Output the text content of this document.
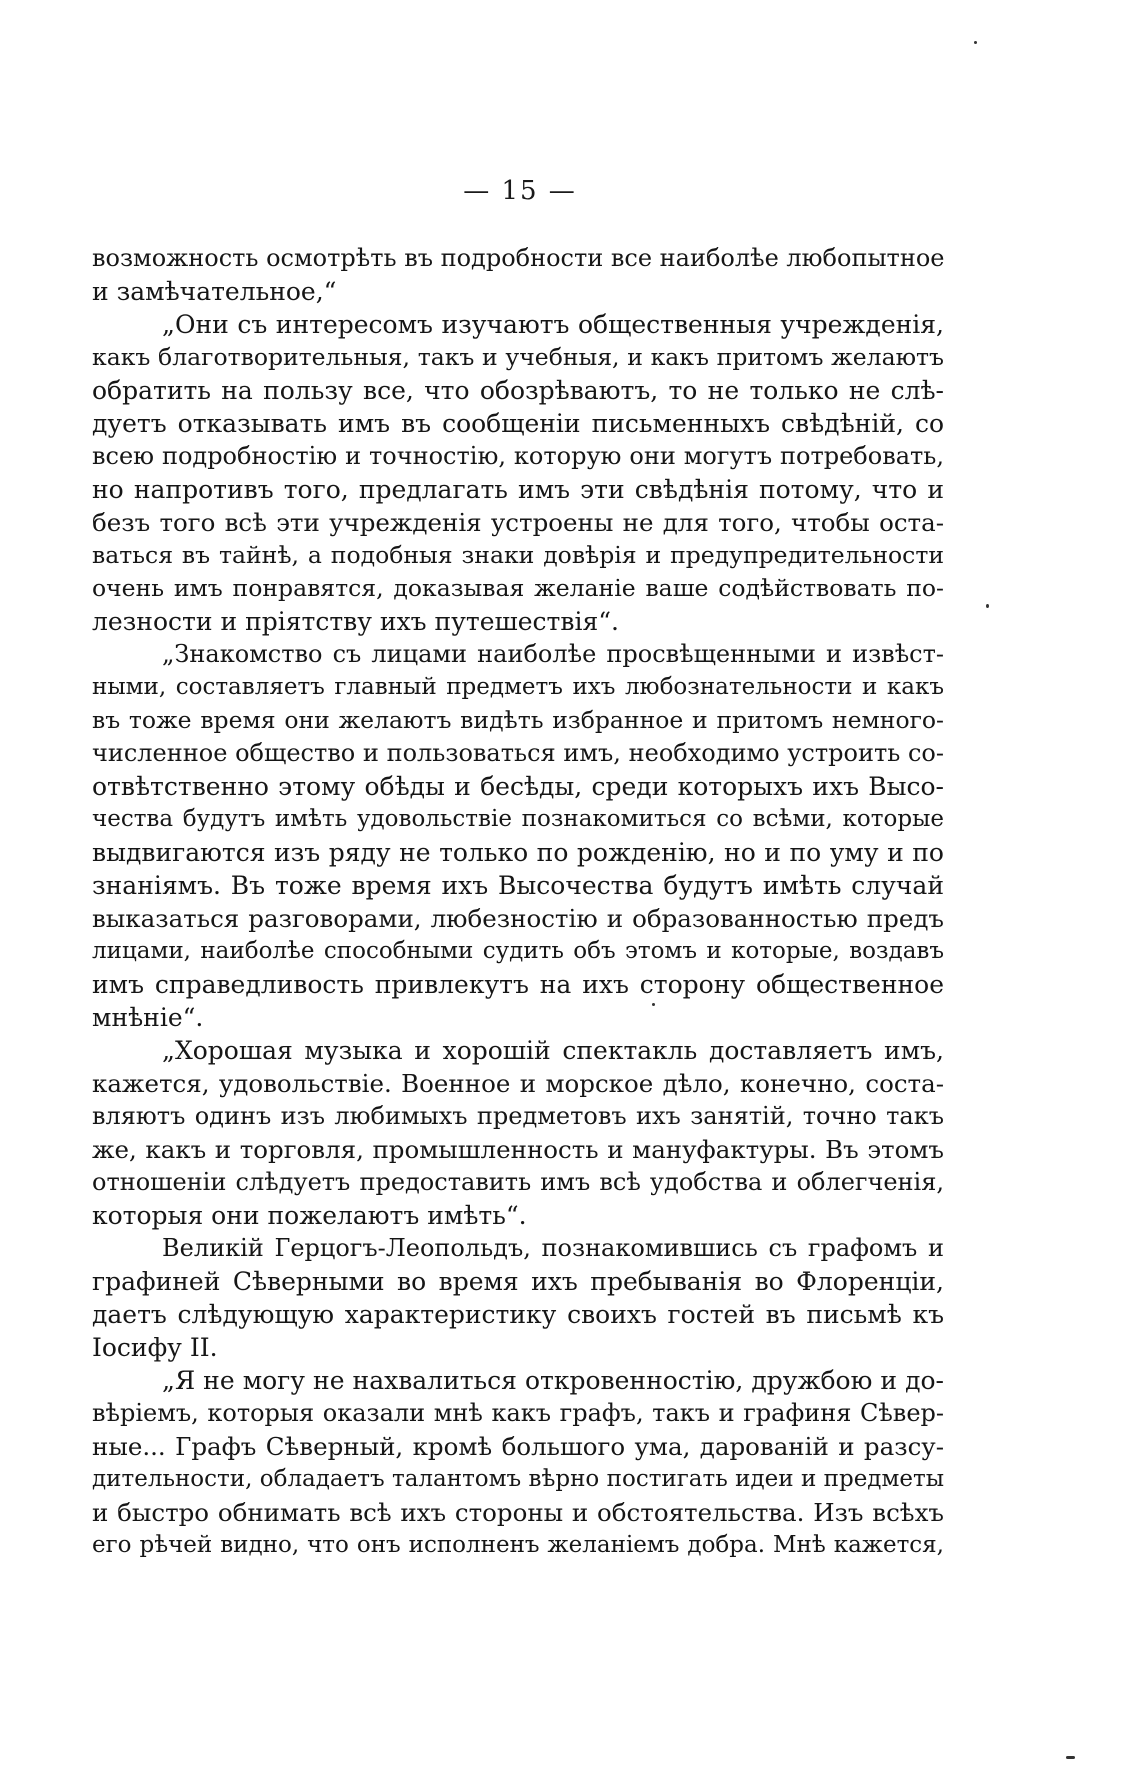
— 15 —
возможность осмотрѣть въ подробности все наиболѣе любопытное
и замѣчательное,“
„Они съ интересомъ изучаютъ общественныя учрежденія,
какъ благотворительныя, такъ и учебныя, и какъ притомъ желаютъ
обратить на пользу все, что обозрѣваютъ, то не только не слѣ-
дуетъ отказывать имъ въ сообщеніи письменныхъ свѣдѣній, со
всею подробностію и точностію, которую они могутъ потребовать,
но напротивъ того, предлагать имъ эти свѣдѣнія потому, что и
безъ того всѣ эти учрежденія устроены не для того, чтобы оста-
ваться въ тайнѣ, а подобныя знаки довѣрія и предупредительности
очень имъ понравятся, доказывая желаніе ваше содѣйствовать по-
лезности и пріятству ихъ путешествія“.
„Знакомство съ лицами наиболѣе просвѣщенными и извѣст-
ными, составляетъ главный предметъ ихъ любознательности и какъ
въ тоже время они желаютъ видѣть избранное и притомъ немного-
численное общество и пользоваться имъ, необходимо устроить со-
отвѣтственно этому обѣды и бесѣды, среди которыхъ ихъ Высо-
чества будутъ имѣть удовольствіе познакомиться со всѣми, которые
выдвигаются изъ ряду не только по рожденію, но и по уму и по
знаніямъ. Въ тоже время ихъ Высочества будутъ имѣть случай
выказаться разговорами, любезностію и образованностью предъ
лицами, наиболѣе способными судить объ этомъ и которые, воздавъ
имъ справедливость привлекутъ на ихъ сторону общественное
мнѣніе“.
„Хорошая музыка и хорошій спектакль доставляетъ имъ,
кажется, удовольствіе. Военное и морское дѣло, конечно, соста-
вляютъ одинъ изъ любимыхъ предметовъ ихъ занятій, точно такъ
же, какъ и торговля, промышленность и мануфактуры. Въ этомъ
отношеніи слѣдуетъ предоставить имъ всѣ удобства и облегченія,
которыя они пожелаютъ имѣть“.
Великій Герцогъ-Леопольдъ, познакомившись съ графомъ и
графиней Сѣверными во время ихъ пребыванія во Флоренціи,
даетъ слѣдующую характеристику своихъ гостей въ письмѣ къ
Іосифу II.
„Я не могу не нахвалиться откровенностію, дружбою и до-
вѣріемъ, которыя оказали мнѣ какъ графъ, такъ и графиня Сѣвер-
ные... Графъ Сѣверный, кромѣ большого ума, дарованій и разсу-
дительности, обладаетъ талантомъ вѣрно постигать идеи и предметы
и быстро обнимать всѣ ихъ стороны и обстоятельства. Изъ всѣхъ
его рѣчей видно, что онъ исполненъ желаніемъ добра. Мнѣ кажется,
